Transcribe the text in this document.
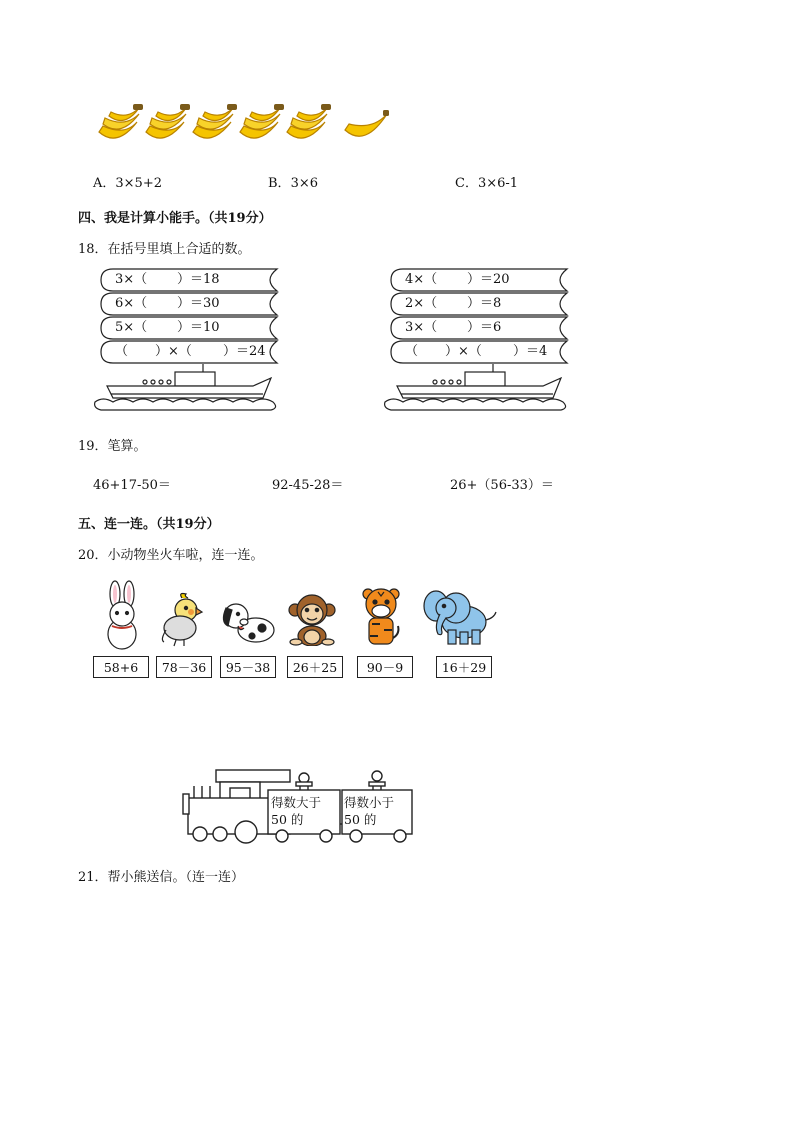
A．3×5+2	B．3×6	C．3×6-1
四、我是计算小能手。（共19分）
18．在括号里填上合适的数。
3×（ ）＝18
6×（ ）＝30
5×（ ）＝10
（ ）×（ ）＝24
4×（ ）＝20
2×（ ）＝8
3×（ ）＝6
（ ）×（ ）＝4
19．笔算。
46+17-50＝	92-45-28＝	26+（56-33）＝
五、连一连。（共19分）
20．小动物坐火车啦，连一连。
58+6	78－36	95－38	26＋25	90－9	16＋29
得数大于
50 的
得数小于
50 的
21．帮小熊送信。（连一连）
